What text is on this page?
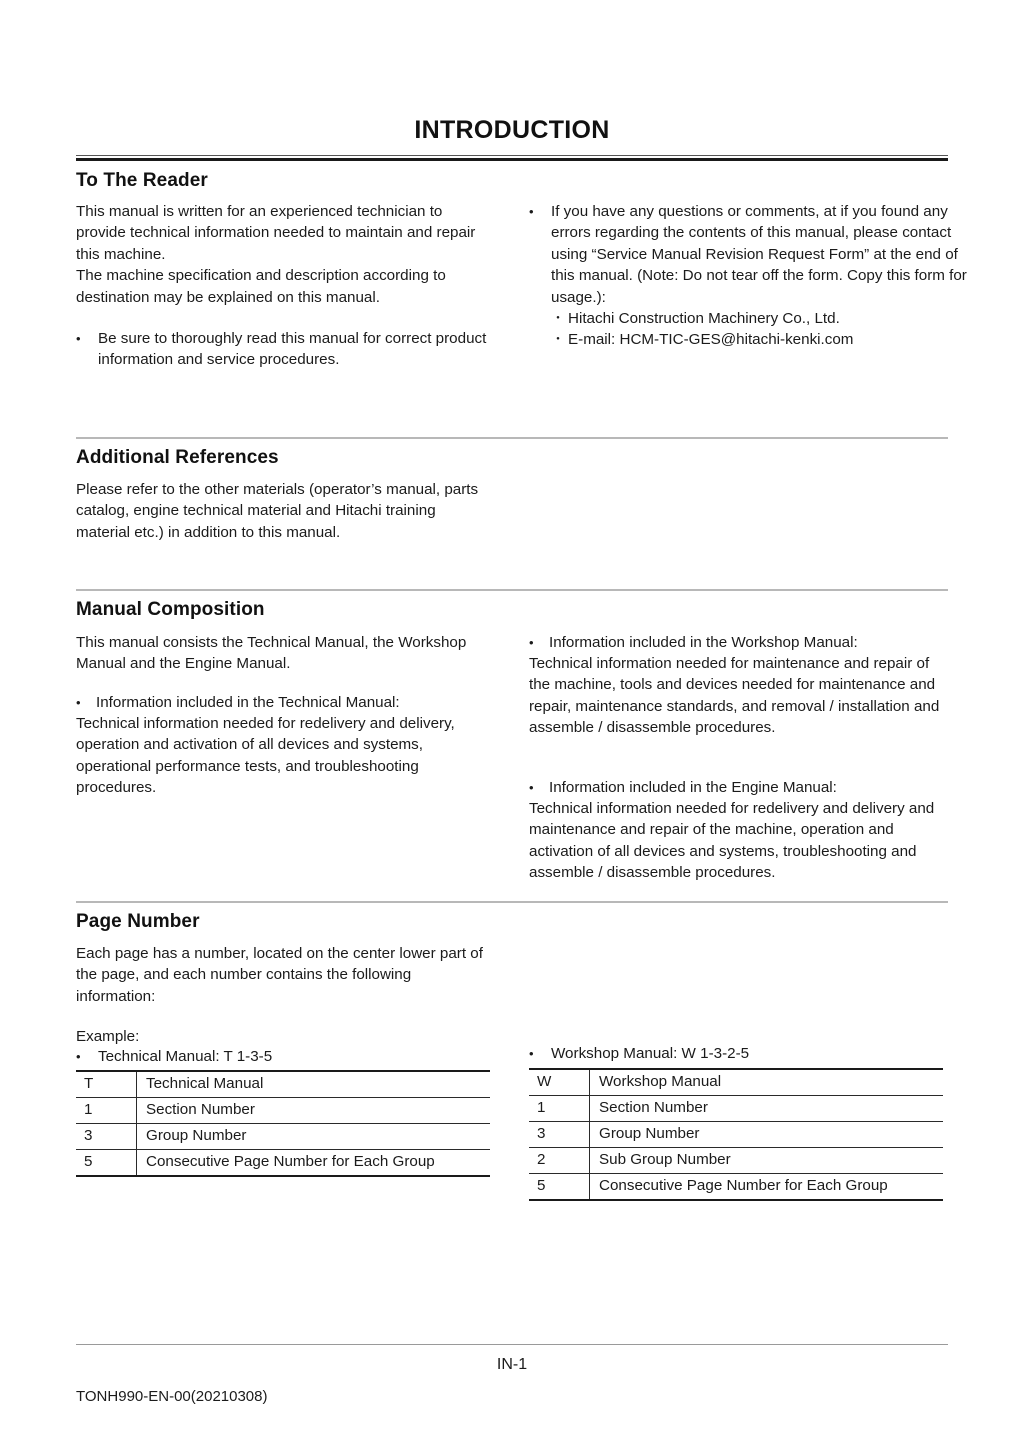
INTRODUCTION
To The Reader
This manual is written for an experienced technician to provide technical information needed to maintain and repair this machine.
The machine specification and description according to destination may be explained on this manual.
• Be sure to thoroughly read this manual for correct product information and service procedures.
• If you have any questions or comments, at if you found any errors regarding the contents of this manual, please contact using “Service Manual Revision Request Form” at the end of this manual. (Note: Do not tear off the form. Copy this form for usage.):
・ Hitachi Construction Machinery Co., Ltd.
・ E-mail: HCM-TIC-GES@hitachi-kenki.com
Additional References
Please refer to the other materials (operator’s manual, parts catalog, engine technical material and Hitachi training material etc.) in addition to this manual.
Manual Composition
This manual consists the Technical Manual, the Workshop Manual and the Engine Manual.
• Information included in the Technical Manual:
Technical information needed for redelivery and delivery, operation and activation of all devices and systems, operational performance tests, and troubleshooting procedures.
• Information included in the Workshop Manual:
Technical information needed for maintenance and repair of the machine, tools and devices needed for maintenance and repair, maintenance standards, and removal / installation and assemble / disassemble procedures.
• Information included in the Engine Manual:
Technical information needed for redelivery and delivery and maintenance and repair of the machine, operation and activation of all devices and systems, troubleshooting and assemble / disassemble procedures.
Page Number
Each page has a number, located on the center lower part of the page, and each number contains the following information:
Example:
• Technical Manual: T 1-3-5
T	Technical Manual
1	Section Number
3	Group Number
5	Consecutive Page Number for Each Group
• Workshop Manual: W 1-3-2-5
W	Workshop Manual
1	Section Number
3	Group Number
2	Sub Group Number
5	Consecutive Page Number for Each Group
IN-1
TONH990-EN-00(20210308)
